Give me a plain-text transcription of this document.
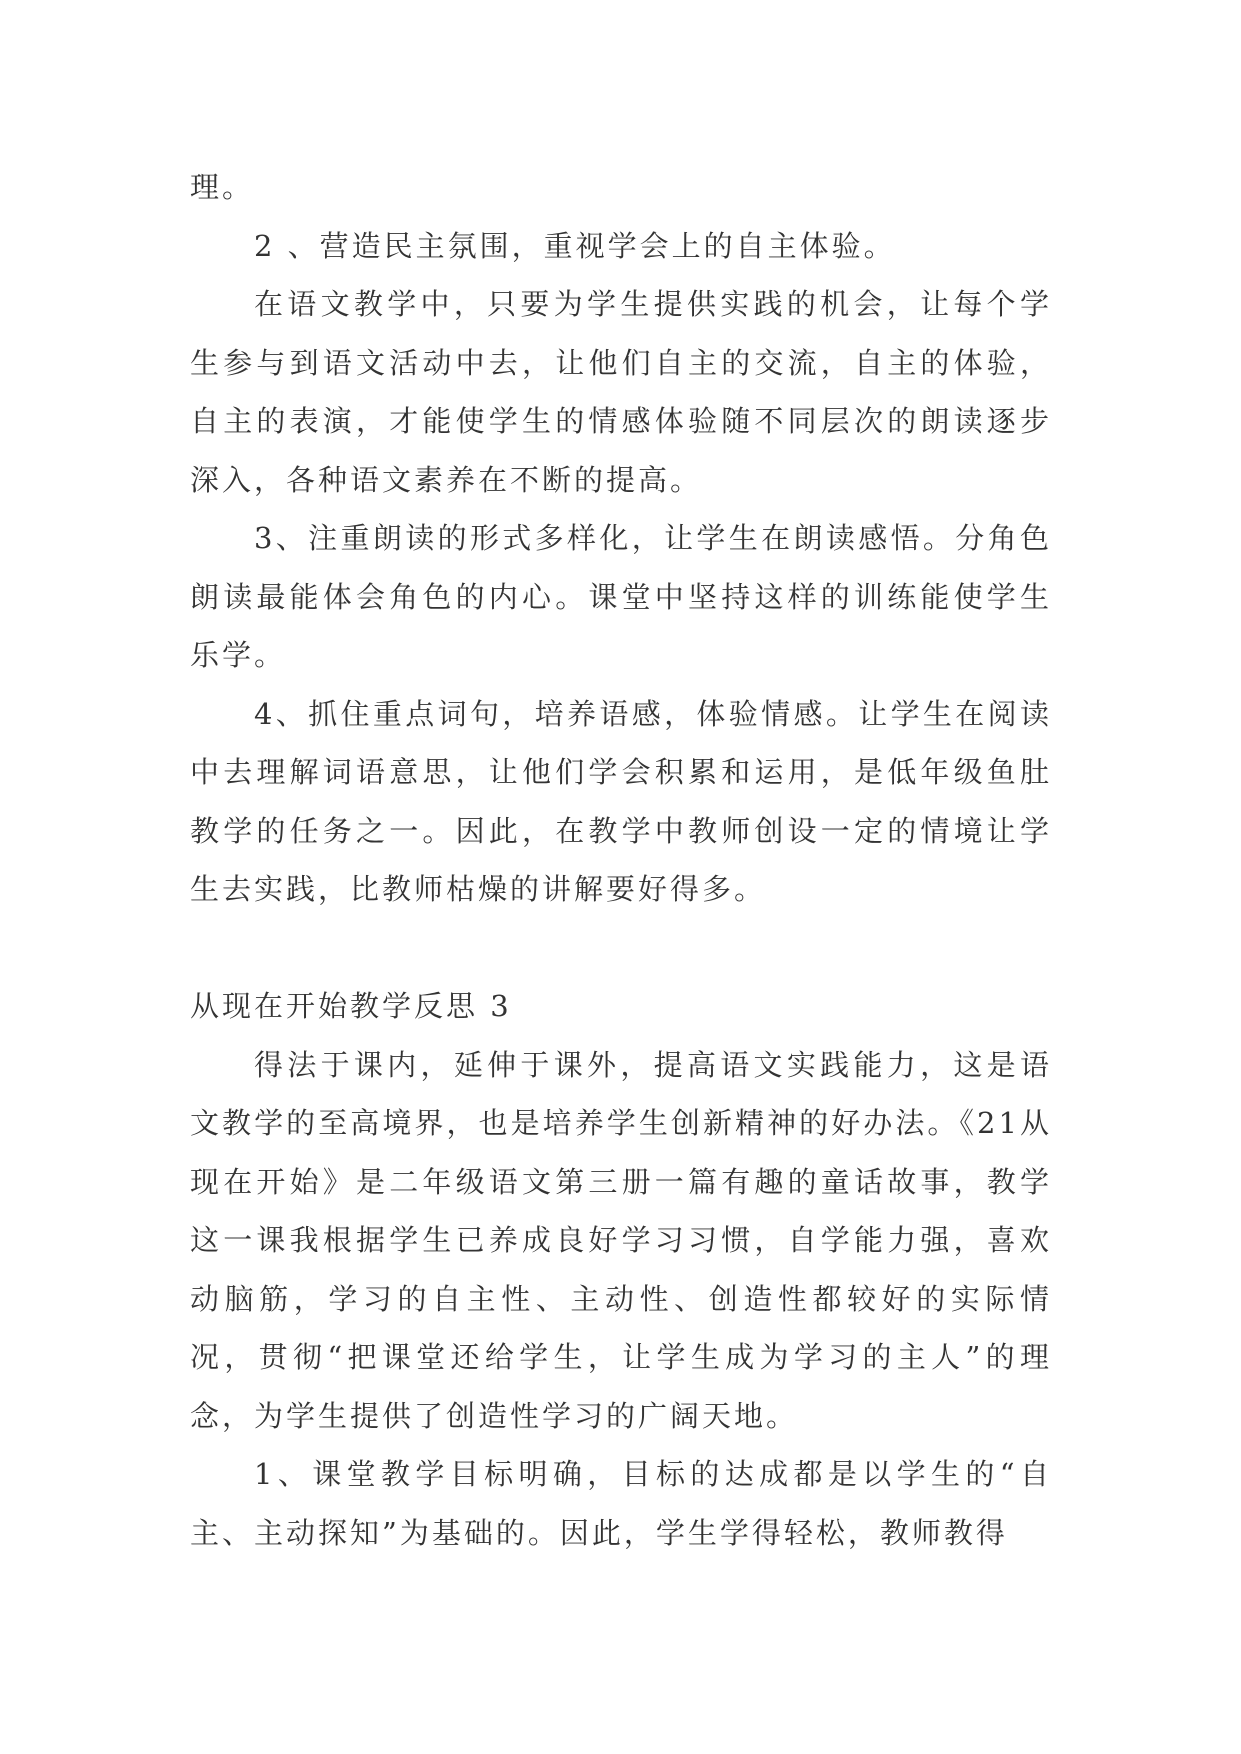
理。

2 、营造民主氛围，重视学会上的自主体验。

在语文教学中，只要为学生提供实践的机会，让每个学生参与到语文活动中去，让他们自主的交流，自主的体验，自主的表演，才能使学生的情感体验随不同层次的朗读逐步深入，各种语文素养在不断的提高。

3、注重朗读的形式多样化，让学生在朗读感悟。分角色朗读最能体会角色的内心。课堂中坚持这样的训练能使学生乐学。

4、抓住重点词句，培养语感，体验情感。让学生在阅读中去理解词语意思，让他们学会积累和运用，是低年级鱼肚教学的任务之一。因此，在教学中教师创设一定的情境让学生去实践，比教师枯燥的讲解要好得多。

从现在开始教学反思 3

得法于课内，延伸于课外，提高语文实践能力，这是语文教学的至高境界，也是培养学生创新精神的好办法。《21从现在开始》是二年级语文第三册一篇有趣的童话故事，教学这一课我根据学生已养成良好学习习惯，自学能力强，喜欢动脑筋，学习的自主性、主动性、创造性都较好的实际情况，贯彻“把课堂还给学生，让学生成为学习的主人”的理念，为学生提供了创造性学习的广阔天地。

1、课堂教学目标明确，目标的达成都是以学生的“自主、主动探知”为基础的。因此，学生学得轻松，教师教得
